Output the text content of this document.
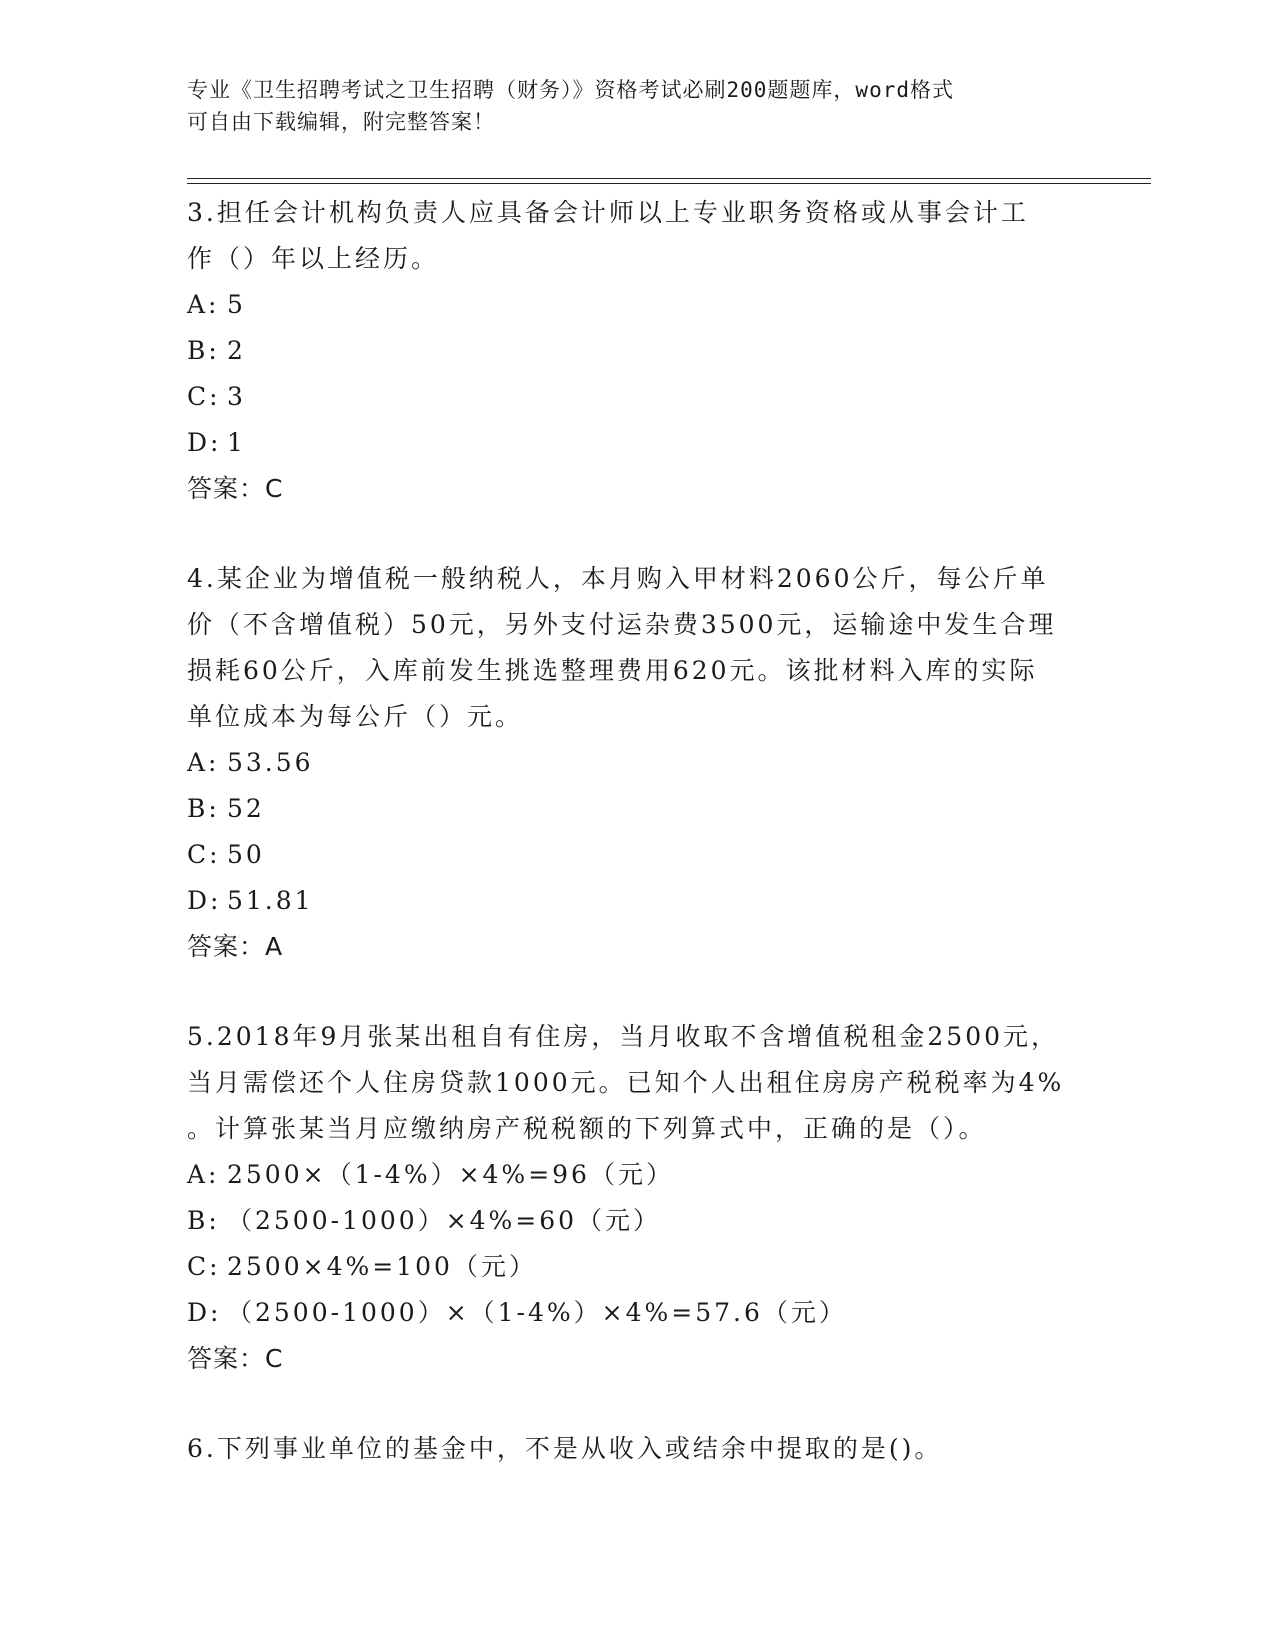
专业《卫生招聘考试之卫生招聘（财务）》资格考试必刷200题题库，word格式
可自由下载编辑，附完整答案！
3.担任会计机构负责人应具备会计师以上专业职务资格或从事会计工
作（）年以上经历。
A: 5
B: 2
C: 3
D: 1
答案：C
4.某企业为增值税一般纳税人，本月购入甲材料2060公斤，每公斤单
价（不含增值税）50元，另外支付运杂费3500元，运输途中发生合理
损耗60公斤，入库前发生挑选整理费用620元。该批材料入库的实际
单位成本为每公斤（）元。
A: 53.56
B: 52
C: 50
D: 51.81
答案：A
5.2018年9月张某出租自有住房，当月收取不含增值税租金2500元，
当月需偿还个人住房贷款1000元。已知个人出租住房房产税税率为4%
。计算张某当月应缴纳房产税税额的下列算式中，正确的是（）。
A: 2500×（1-4%）×4%=96（元）
B: （2500-1000）×4%=60（元）
C: 2500×4%=100（元）
D: （2500-1000）×（1-4%）×4%=57.6（元）
答案：C
6.下列事业单位的基金中，不是从收入或结余中提取的是()。
